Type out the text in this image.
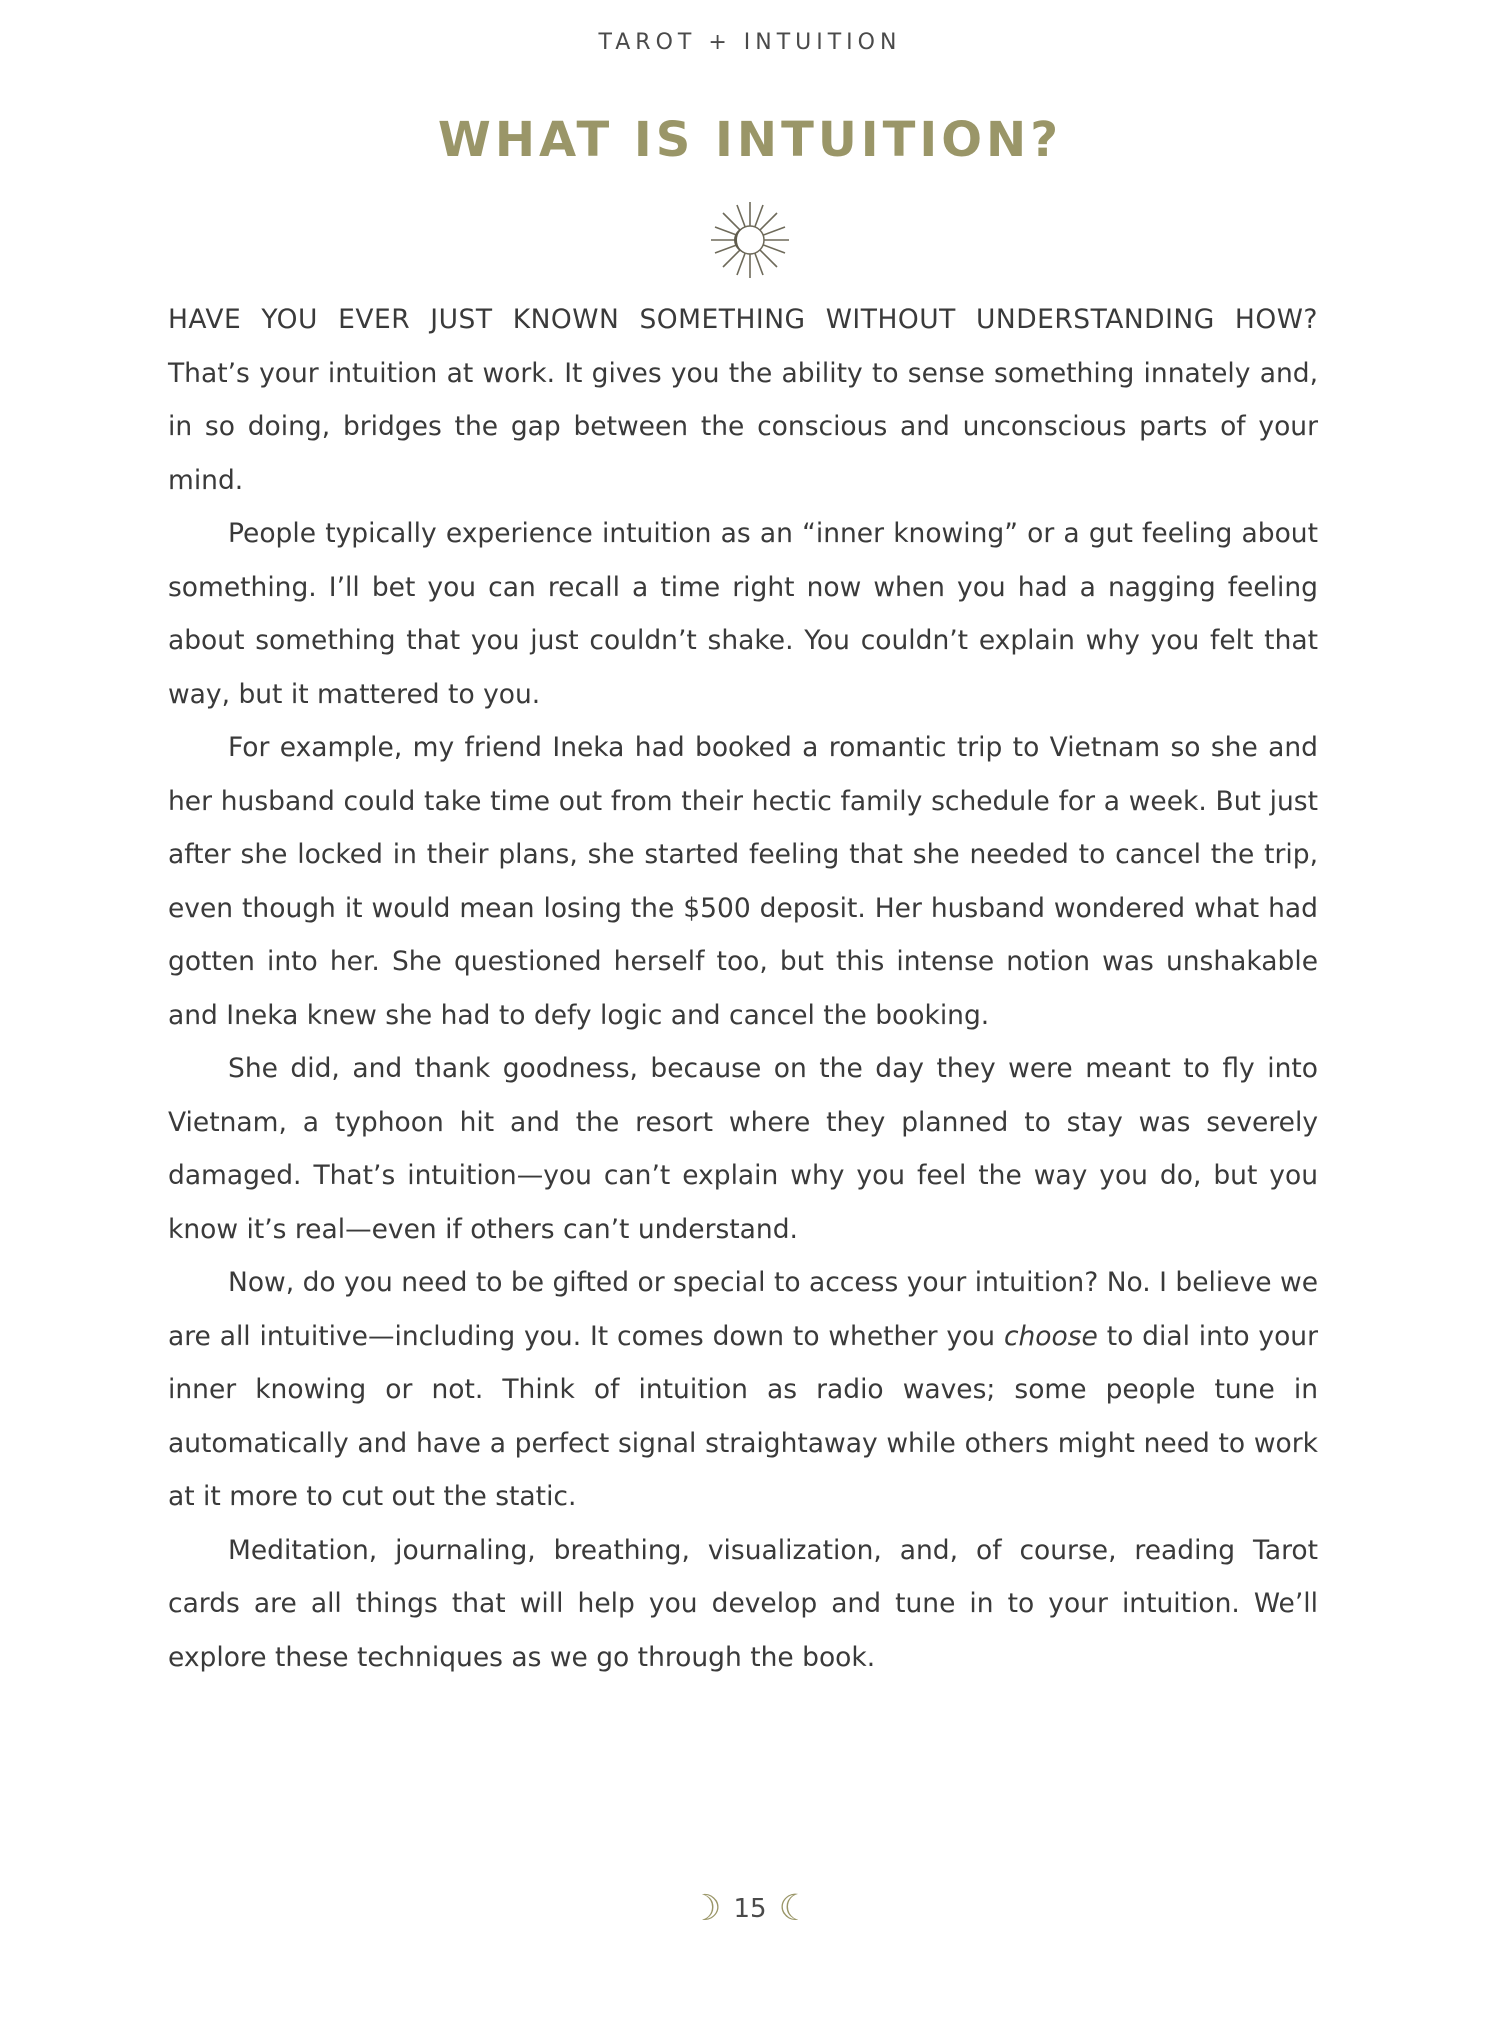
TAROT + INTUITION
WHAT IS INTUITION?

HAVE YOU EVER JUST KNOWN SOMETHING WITHOUT UNDERSTANDING HOW? That’s your intuition at work. It gives you the ability to sense something innately and, in so doing, bridges the gap between the conscious and unconscious parts of your mind.

People typically experience intuition as an “inner knowing” or a gut feeling about something. I’ll bet you can recall a time right now when you had a nagging feeling about something that you just couldn’t shake. You couldn’t explain why you felt that way, but it mattered to you.

For example, my friend Ineka had booked a romantic trip to Vietnam so she and her husband could take time out from their hectic family schedule for a week. But just after she locked in their plans, she started feeling that she needed to cancel the trip, even though it would mean losing the $500 deposit. Her husband wondered what had gotten into her. She questioned herself too, but this intense notion was unshakable and Ineka knew she had to defy logic and cancel the booking.

She did, and thank goodness, because on the day they were meant to fly into Vietnam, a typhoon hit and the resort where they planned to stay was severely damaged. That’s intuition—you can’t explain why you feel the way you do, but you know it’s real—even if others can’t understand.

Now, do you need to be gifted or special to access your intuition? No. I believe we are all intuitive—including you. It comes down to whether you choose to dial into your inner knowing or not. Think of intuition as radio waves; some people tune in automatically and have a perfect signal straightaway while others might need to work at it more to cut out the static.

Meditation, journaling, breathing, visualization, and, of course, reading Tarot cards are all things that will help you develop and tune in to your intuition. We’ll explore these techniques as we go through the book.

☽ 15 ☾
